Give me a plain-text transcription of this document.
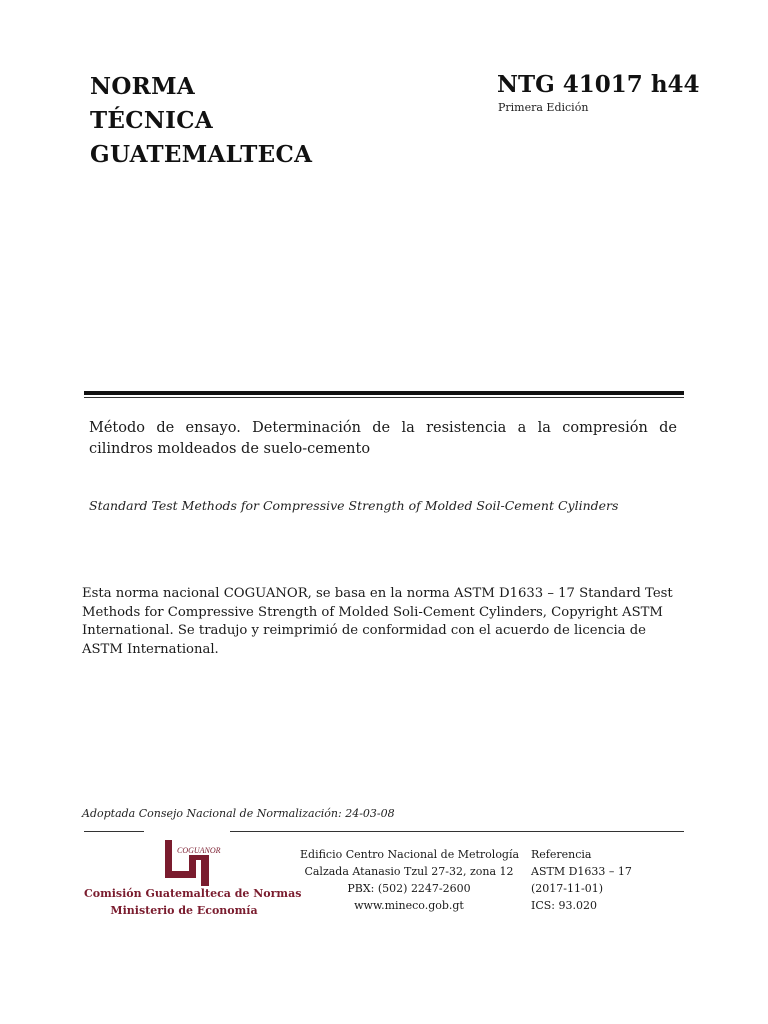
NORMA
TÉCNICA
GUATEMALTECA
NTG 41017 h44
Primera Edición
Método de ensayo. Determinación de la resistencia a la compresión de cilindros moldeados de suelo-cemento
Standard Test Methods for Compressive Strength of Molded Soil-Cement Cylinders
Esta norma nacional COGUANOR, se basa en la norma ASTM D1633 – 17 Standard Test Methods for Compressive Strength of Molded Soli-Cement Cylinders, Copyright ASTM International. Se tradujo y reimprimió de conformidad con el acuerdo de licencia de ASTM International.
Adoptada Consejo Nacional de Normalización: 24-03-08
COGUANOR
Comisión Guatemalteca de Normas
Ministerio de Economía
Edificio Centro Nacional de Metrología
Calzada Atanasio Tzul 27-32, zona 12
PBX: (502) 2247-2600
www.mineco.gob.gt
Referencia
ASTM D1633 – 17
(2017-11-01)
ICS: 93.020
